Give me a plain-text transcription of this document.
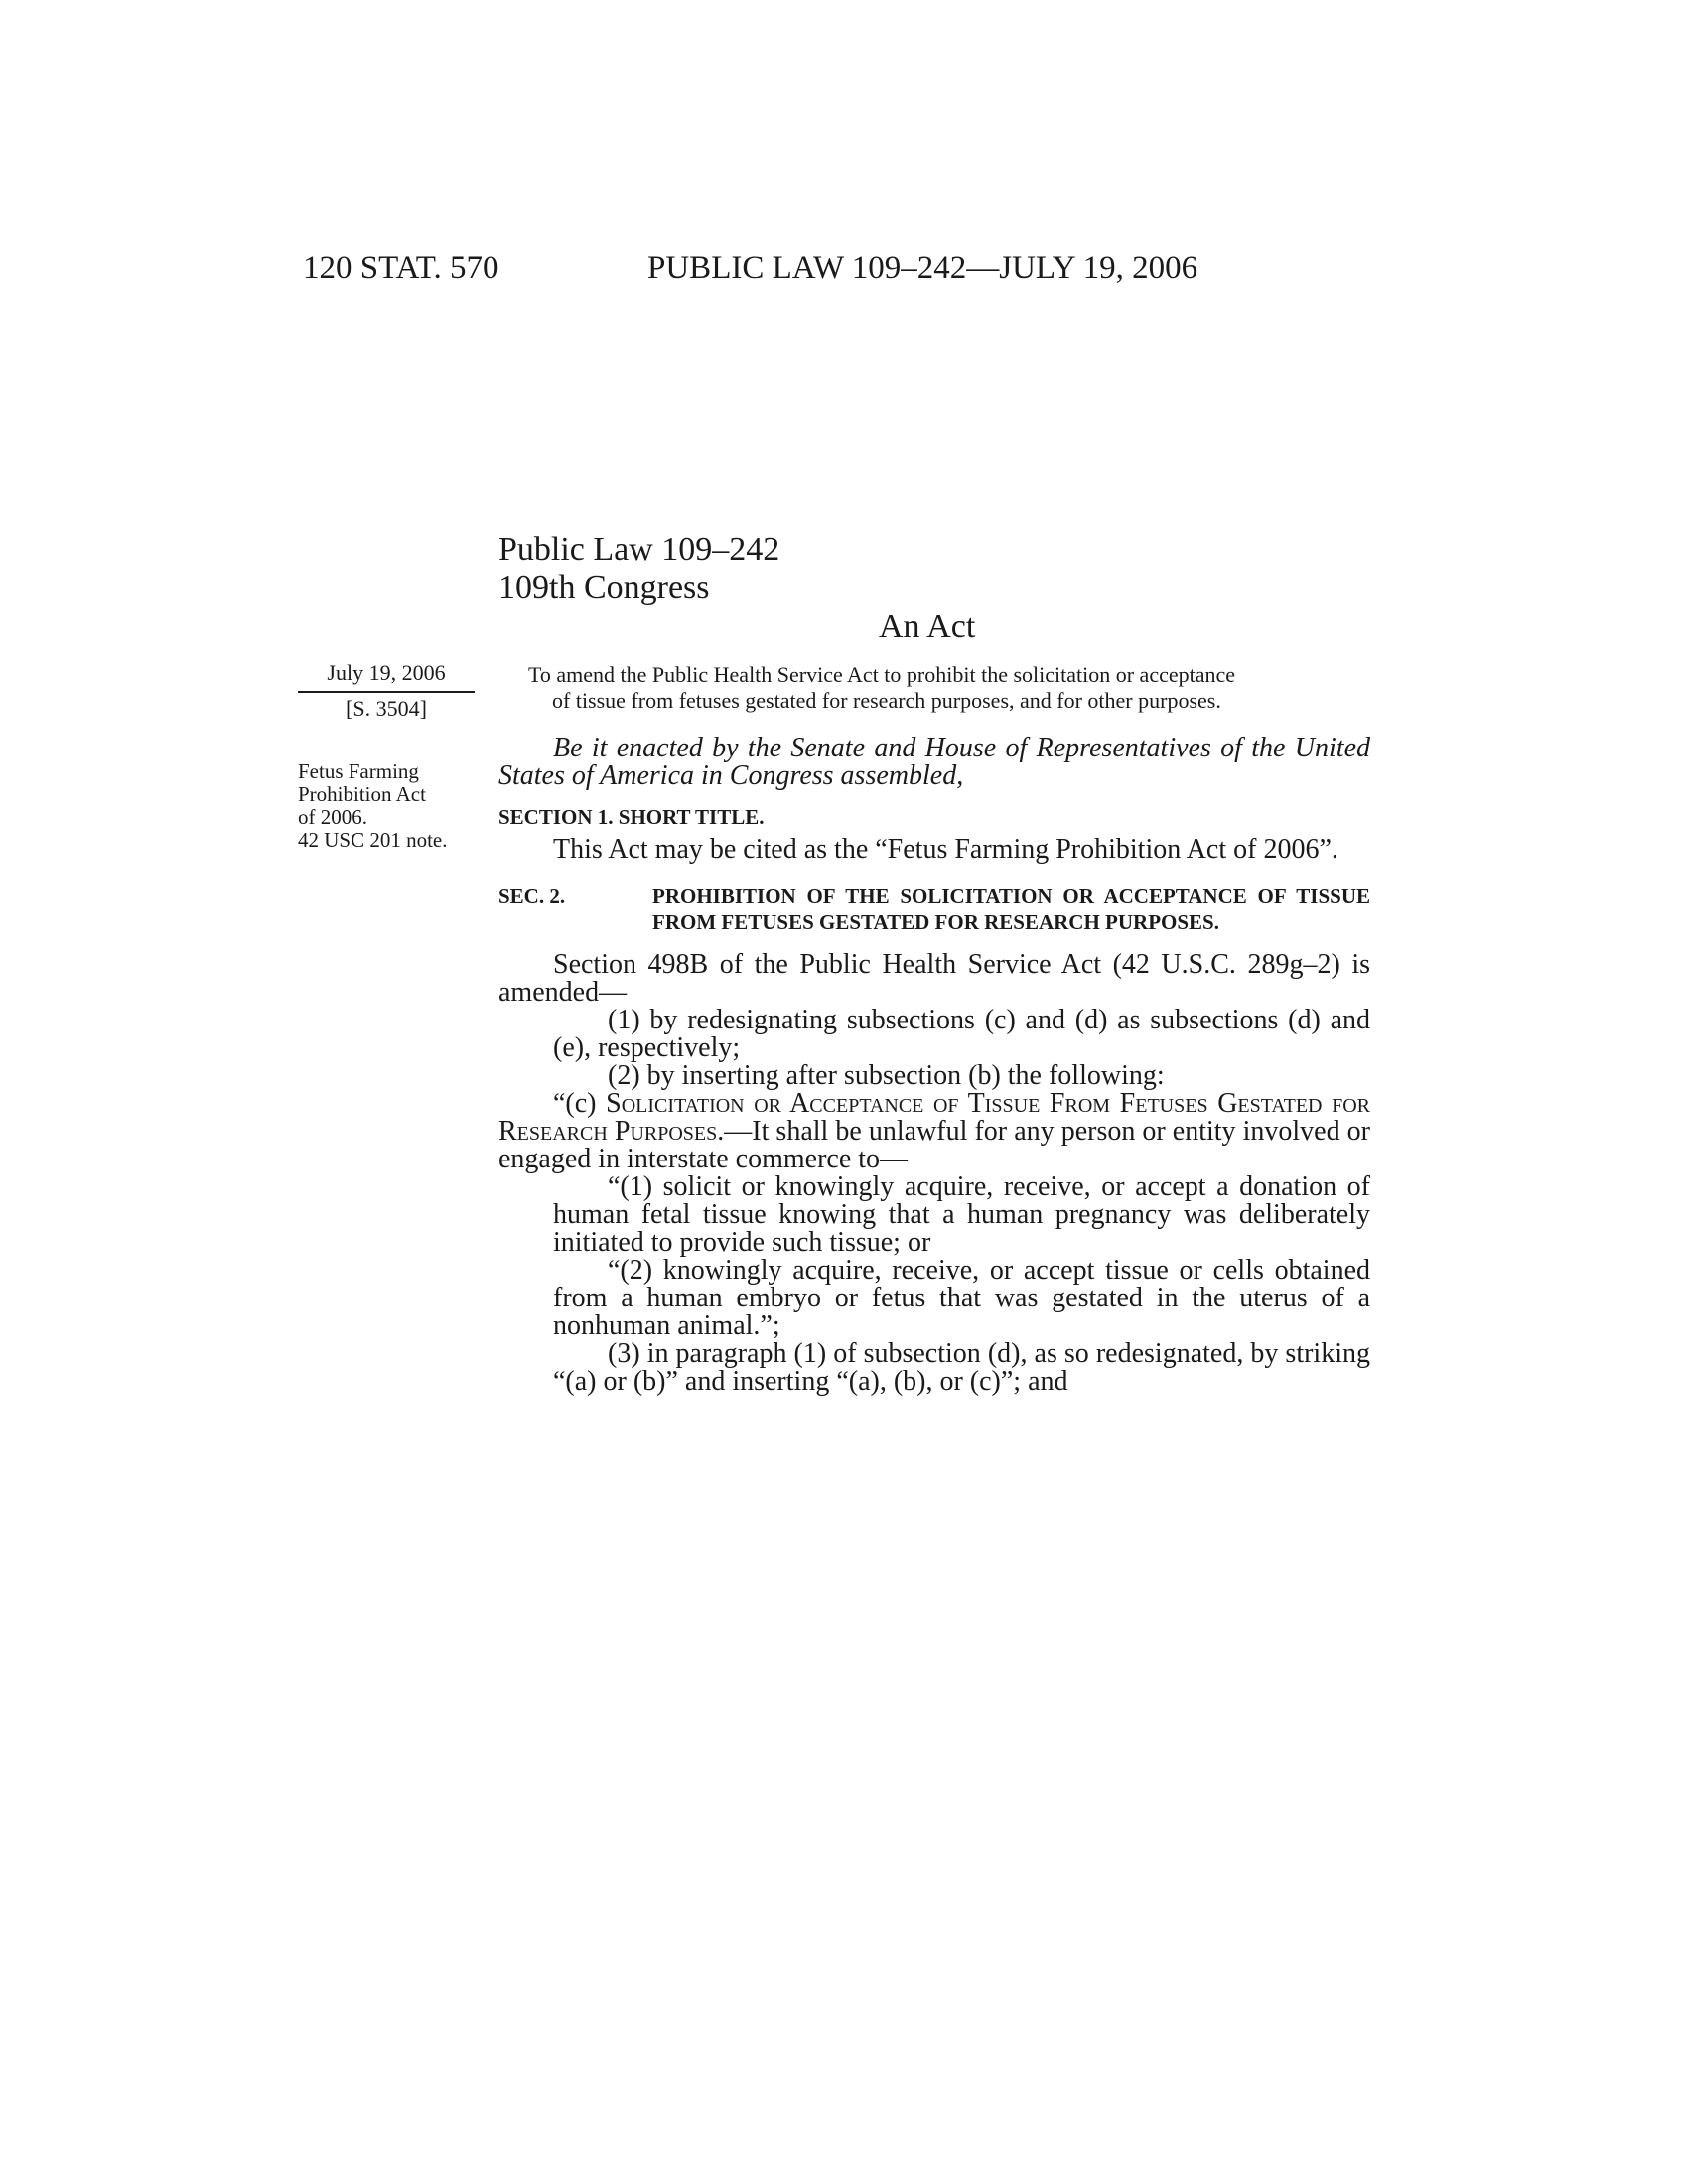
120 STAT. 570	PUBLIC LAW 109–242—JULY 19, 2006
Public Law 109–242
109th Congress
An Act
July 19, 2006
[S. 3504]
Fetus Farming
Prohibition Act
of 2006.
42 USC 201 note.

To amend the Public Health Service Act to prohibit the solicitation or acceptance

of tissue from fetuses gestated for research purposes, and for other purposes.

Be it enacted by the Senate and House of Representatives of the United States of America in Congress assembled,

SECTION 1. SHORT TITLE.

This Act may be cited as the “Fetus Farming Prohibition Act of 2006”.

SEC. 2.	PROHIBITION OF THE SOLICITATION OR ACCEPTANCE OF TISSUE FROM FETUSES GESTATED FOR RESEARCH PURPOSES.

Section 498B of the Public Health Service Act (42 U.S.C. 289g–2) is amended—

(1) by redesignating subsections (c) and (d) as subsections (d) and (e), respectively;

(2) by inserting after subsection (b) the following:

“(c) Solicitation or Acceptance of Tissue From Fetuses Gestated for Research Purposes.—It shall be unlawful for any person or entity involved or engaged in interstate commerce to—

“(1) solicit or knowingly acquire, receive, or accept a donation of human fetal tissue knowing that a human pregnancy was deliberately initiated to provide such tissue; or

“(2) knowingly acquire, receive, or accept tissue or cells obtained from a human embryo or fetus that was gestated in the uterus of a nonhuman animal.”;

(3) in paragraph (1) of subsection (d), as so redesignated, by striking “(a) or (b)” and inserting “(a), (b), or (c)”; and
